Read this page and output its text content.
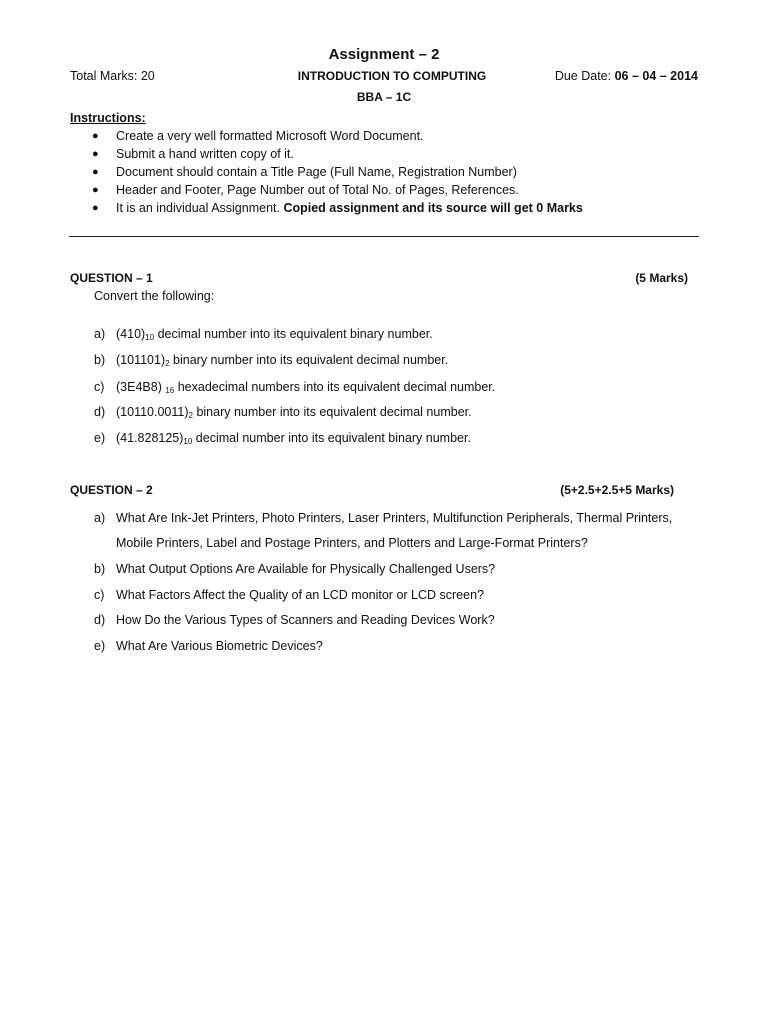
Assignment – 2
Total Marks: 20	INTRODUCTION TO COMPUTING	Due Date: 06 – 04 – 2014
BBA – 1C
Instructions:
● Create a very well formatted Microsoft Word Document.
● Submit a hand written copy of it.
● Document should contain a Title Page (Full Name, Registration Number)
● Header and Footer, Page Number out of Total No. of Pages, References.
● It is an individual Assignment. Copied assignment and its source will get 0 Marks
QUESTION – 1	(5 Marks)
Convert the following:
a) $(410)_{10}$ decimal number into its equivalent binary number.
b) $(101101)_2$ binary number into its equivalent decimal number.
c) (3E4B8) $_{16}$ hexadecimal numbers into its equivalent decimal number.
d) $(10110.0011)_2$ binary number into its equivalent decimal number.
e) $(41.828125)_{10}$ decimal number into its equivalent binary number.
QUESTION – 2	(5+2.5+2.5+5 Marks)
a) What Are Ink-Jet Printers, Photo Printers, Laser Printers, Multifunction Peripherals, Thermal Printers,
Mobile Printers, Label and Postage Printers, and Plotters and Large-Format Printers?
b) What Output Options Are Available for Physically Challenged Users?
c) What Factors Affect the Quality of an LCD monitor or LCD screen?
d) How Do the Various Types of Scanners and Reading Devices Work?
e) What Are Various Biometric Devices?
